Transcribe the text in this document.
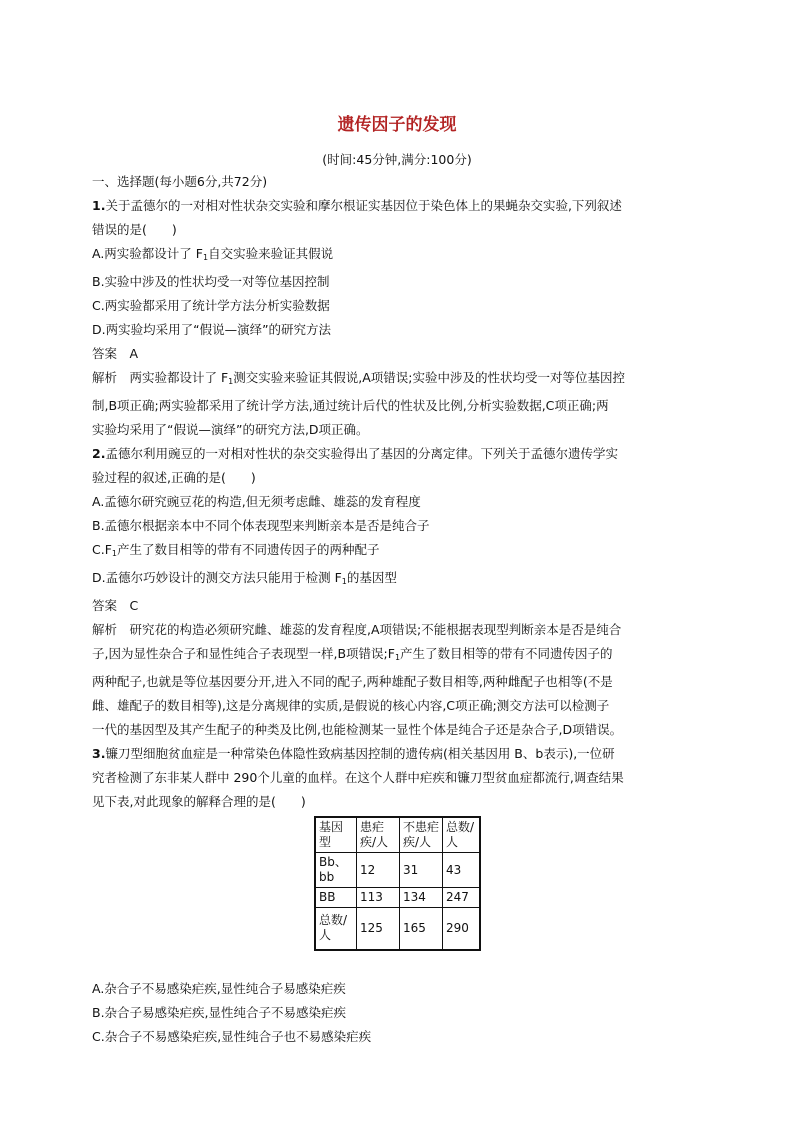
遗传因子的发现
(时间:45分钟,满分:100分)
一、选择题(每小题6分,共72分)
1.关于孟德尔的一对相对性状杂交实验和摩尔根证实基因位于染色体上的果蝇杂交实验,下列叙述
错误的是(　　)
A.两实验都设计了 $F_1$自交实验来验证其假说
B.实验中涉及的性状均受一对等位基因控制
C.两实验都采用了统计学方法分析实验数据
D.两实验均采用了“假说—演绎”的研究方法
答案　A
解析　两实验都设计了 $F_1$测交实验来验证其假说,A项错误;实验中涉及的性状均受一对等位基因控
制,B项正确;两实验都采用了统计学方法,通过统计后代的性状及比例,分析实验数据,C项正确;两
实验均采用了“假说—演绎”的研究方法,D项正确。
2.孟德尔利用豌豆的一对相对性状的杂交实验得出了基因的分离定律。下列关于孟德尔遗传学实
验过程的叙述,正确的是(　　)
A.孟德尔研究豌豆花的构造,但无须考虑雌、雄蕊的发育程度
B.孟德尔根据亲本中不同个体表现型来判断亲本是否是纯合子
$C.F_1$产生了数目相等的带有不同遗传因子的两种配子
D.孟德尔巧妙设计的测交方法只能用于检测 $F_1$的基因型
答案　C
解析　研究花的构造必须研究雌、雄蕊的发育程度,A项错误;不能根据表现型判断亲本是否是纯合
子,因为显性杂合子和显性纯合子表现型一样,B项错误$;F_1$产生了数目相等的带有不同遗传因子的
两种配子,也就是等位基因要分开,进入不同的配子,两种雄配子数目相等,两种雌配子也相等(不是
雌、雄配子的数目相等),这是分离规律的实质,是假说的核心内容,C项正确;测交方法可以检测子
一代的基因型及其产生配子的种类及比例,也能检测某一显性个体是纯合子还是杂合子,D项错误。
3.镰刀型细胞贫血症是一种常染色体隐性致病基因控制的遗传病(相关基因用 B、b表示),一位研
究者检测了东非某人群中 290个儿童的血样。在这个人群中疟疾和镰刀型贫血症都流行,调查结果
见下表,对此现象的解释合理的是(　　)
基因型	患疟疾/人	不患疟疾/人	总数/人
Bb、bb	12	31	43
BB	113	134	247
总数/人	125	165	290
A.杂合子不易感染疟疾,显性纯合子易感染疟疾
B.杂合子易感染疟疾,显性纯合子不易感染疟疾
C.杂合子不易感染疟疾,显性纯合子也不易感染疟疾
